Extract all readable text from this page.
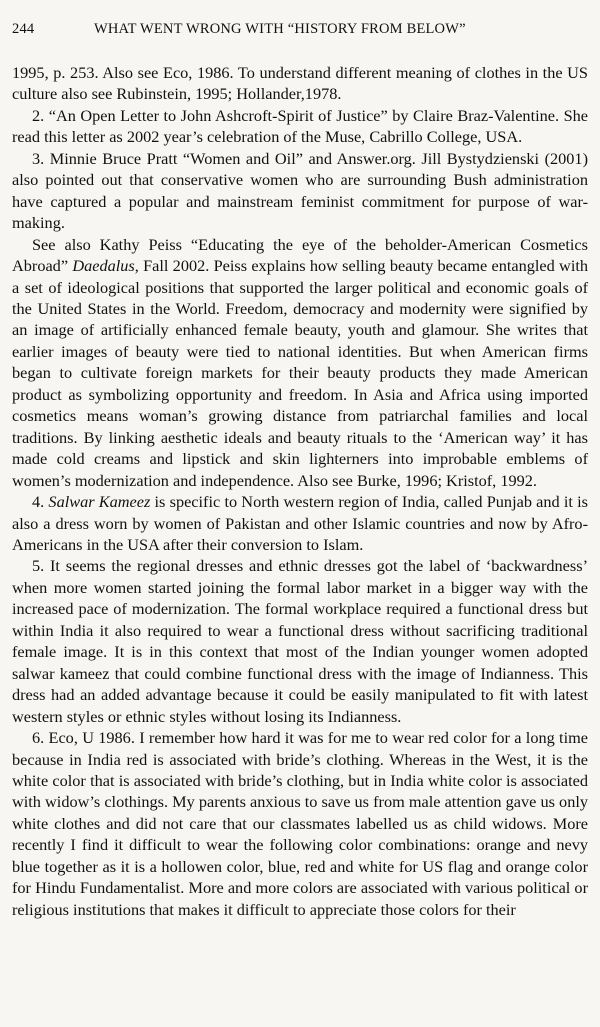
244	WHAT WENT WRONG WITH “HISTORY FROM BELOW”

1995, p. 253. Also see Eco, 1986. To understand different meaning of clothes in the US culture also see Rubinstein, 1995; Hollander,1978.

2. “An Open Letter to John Ashcroft-Spirit of Justice” by Claire Braz-Valentine. She read this letter as 2002 year’s celebration of the Muse, Cabrillo College, USA.

3. Minnie Bruce Pratt “Women and Oil” and Answer.org. Jill Bystydzienski (2001) also pointed out that conservative women who are surrounding Bush administration have captured a popular and mainstream feminist commitment for purpose of war-making.

See also Kathy Peiss “Educating the eye of the beholder-American Cosmetics Abroad” Daedalus, Fall 2002. Peiss explains how selling beauty became entangled with a set of ideological positions that supported the larger political and economic goals of the United States in the World. Freedom, democracy and modernity were signified by an image of artificially enhanced female beauty, youth and glamour. She writes that earlier images of beauty were tied to national identities. But when American firms began to cultivate foreign markets for their beauty products they made American product as symbolizing opportunity and freedom. In Asia and Africa using imported cosmetics means woman’s growing distance from patriarchal families and local traditions. By linking aesthetic ideals and beauty rituals to the ‘American way’ it has made cold creams and lipstick and skin lighterners into improbable emblems of women’s modernization and independence. Also see Burke, 1996; Kristof, 1992.

4. Salwar Kameez is specific to North western region of India, called Punjab and it is also a dress worn by women of Pakistan and other Islamic countries and now by Afro-Americans in the USA after their conversion to Islam.

5. It seems the regional dresses and ethnic dresses got the label of ‘backwardness’ when more women started joining the formal labor market in a bigger way with the increased pace of modernization. The formal workplace required a functional dress but within India it also required to wear a functional dress without sacrificing traditional female image. It is in this context that most of the Indian younger women adopted salwar kameez that could combine functional dress with the image of Indianness. This dress had an added advantage because it could be easily manipulated to fit with latest western styles or ethnic styles without losing its Indianness.

6. Eco, U 1986. I remember how hard it was for me to wear red color for a long time because in India red is associated with bride’s clothing. Whereas in the West, it is the white color that is associated with bride’s clothing, but in India white color is associated with widow’s clothings. My parents anxious to save us from male attention gave us only white clothes and did not care that our classmates labelled us as child widows. More recently I find it difficult to wear the following color combinations: orange and nevy blue together as it is a hollowen color, blue, red and white for US flag and orange color for Hindu Fundamentalist. More and more colors are associated with various political or religious institutions that makes it difficult to appreciate those colors for their
